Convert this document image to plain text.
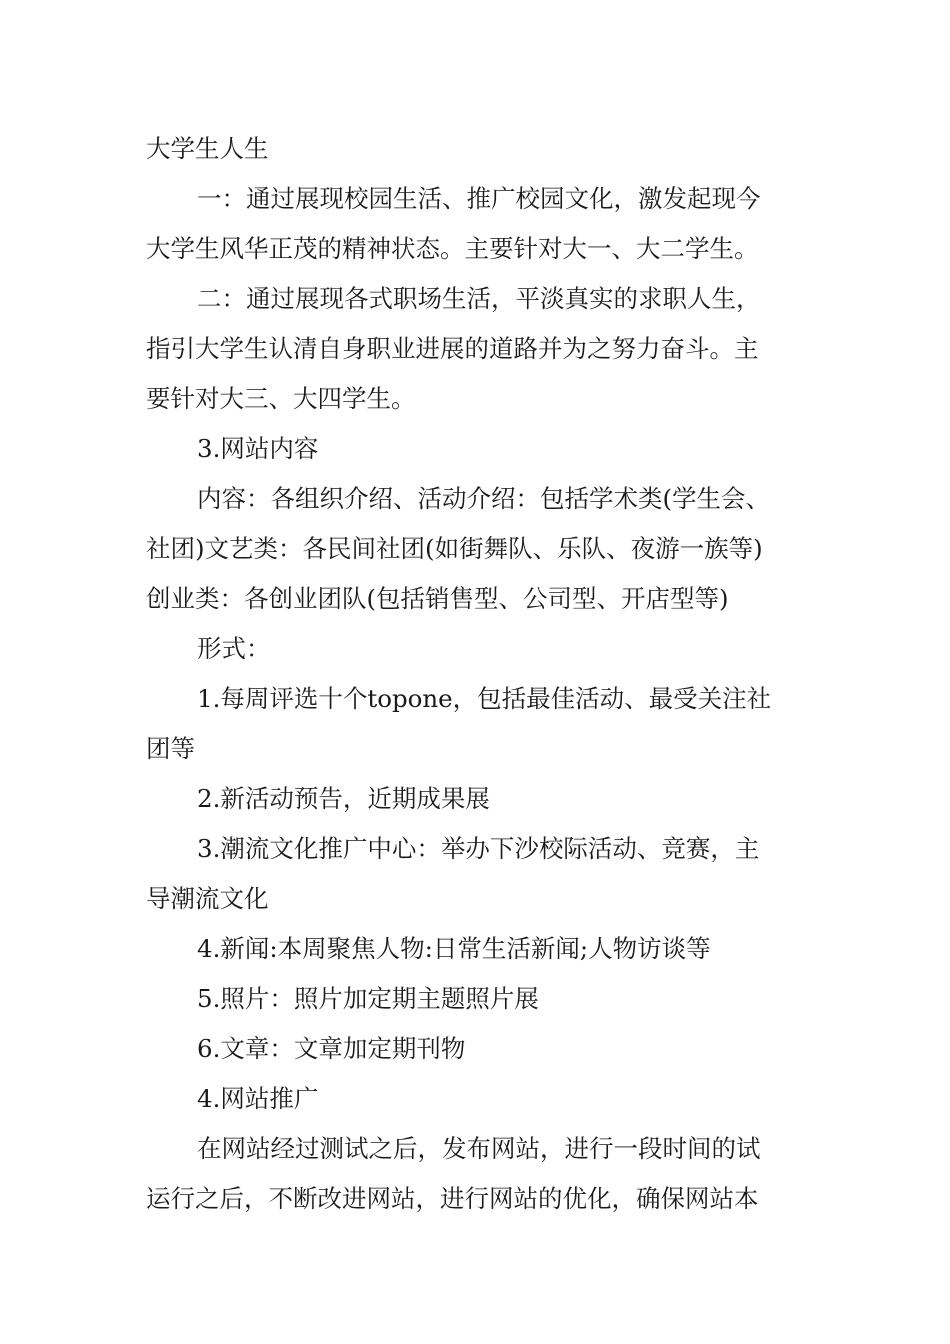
大学生人生

一：通过展现校园生活、推广校园文化，激发起现今

大学生风华正茂的精神状态。主要针对大一、大二学生。

二：通过展现各式职场生活，平淡真实的求职人生，

指引大学生认清自身职业进展的道路并为之努力奋斗。主

要针对大三、大四学生。

3.网站内容

内容：各组织介绍、活动介绍：包括学术类(学生会、

社团)文艺类：各民间社团(如街舞队、乐队、夜游一族等)

创业类：各创业团队(包括销售型、公司型、开店型等)

形式：

1.每周评选十个topone，包括最佳活动、最受关注社

团等

2.新活动预告，近期成果展

3.潮流文化推广中心：举办下沙校际活动、竞赛，主

导潮流文化

4.新闻:本周聚焦人物:日常生活新闻;人物访谈等

5.照片：照片加定期主题照片展

6.文章：文章加定期刊物

4.网站推广

在网站经过测试之后，发布网站，进行一段时间的试

运行之后，不断改进网站，进行网站的优化，确保网站本
